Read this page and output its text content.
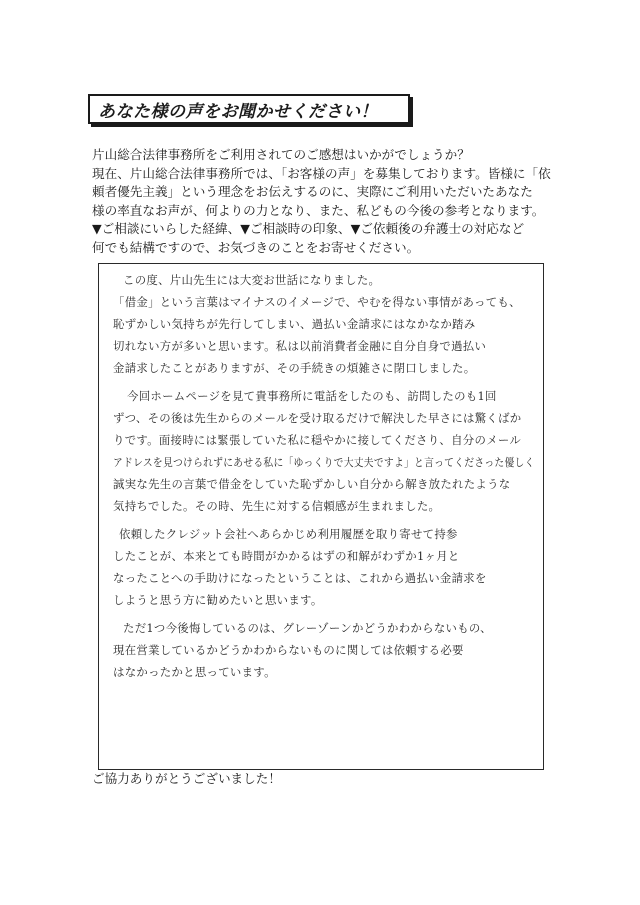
あなた様の声をお聞かせください！
片山総合法律事務所をご利用されてのご感想はいかがでしょうか？
現在、片山総合法律事務所では、「お客様の声」を募集しております。皆様に「依
頼者優先主義」という理念をお伝えするのに、実際にご利用いただいたあなた
様の率直なお声が、何よりの力となり、また、私どもの今後の参考となります。
▼ご相談にいらした経緯、▼ご相談時の印象、▼ご依頼後の弁護士の対応など
何でも結構ですので、お気づきのことをお寄せください。
この度、片山先生には大変お世話になりました。
「借金」という言葉はマイナスのイメージで、やむを得ない事情があっても、
恥ずかしい気持ちが先行してしまい、過払い金請求にはなかなか踏み
切れない方が多いと思います。私は以前消費者金融に自分自身で過払い
金請求したことがありますが、その手続きの煩雑さに閉口しました。
今回ホームページを見て貴事務所に電話をしたのも、訪問したのも1回
ずつ、その後は先生からのメールを受け取るだけで解決した早さには驚くばか
りです。面接時には緊張していた私に穏やかに接してくださり、自分のメール
アドレスを見つけられずにあせる私に「ゆっくりで大丈夫ですよ」と言ってくださった優しく
誠実な先生の言葉で借金をしていた恥ずかしい自分から解き放たれたような
気持ちでした。その時、先生に対する信頼感が生まれました。
依頼したクレジット会社へあらかじめ利用履歴を取り寄せて持参
したことが、本来とても時間がかかるはずの和解がわずか1ヶ月と
なったことへの手助けになったということは、これから過払い金請求を
しようと思う方に勧めたいと思います。
ただ1つ今後悔しているのは、グレーゾーンかどうかわからないもの、
現在営業しているかどうかわからないものに関しては依頼する必要
はなかったかと思っています。
ご協力ありがとうございました！
